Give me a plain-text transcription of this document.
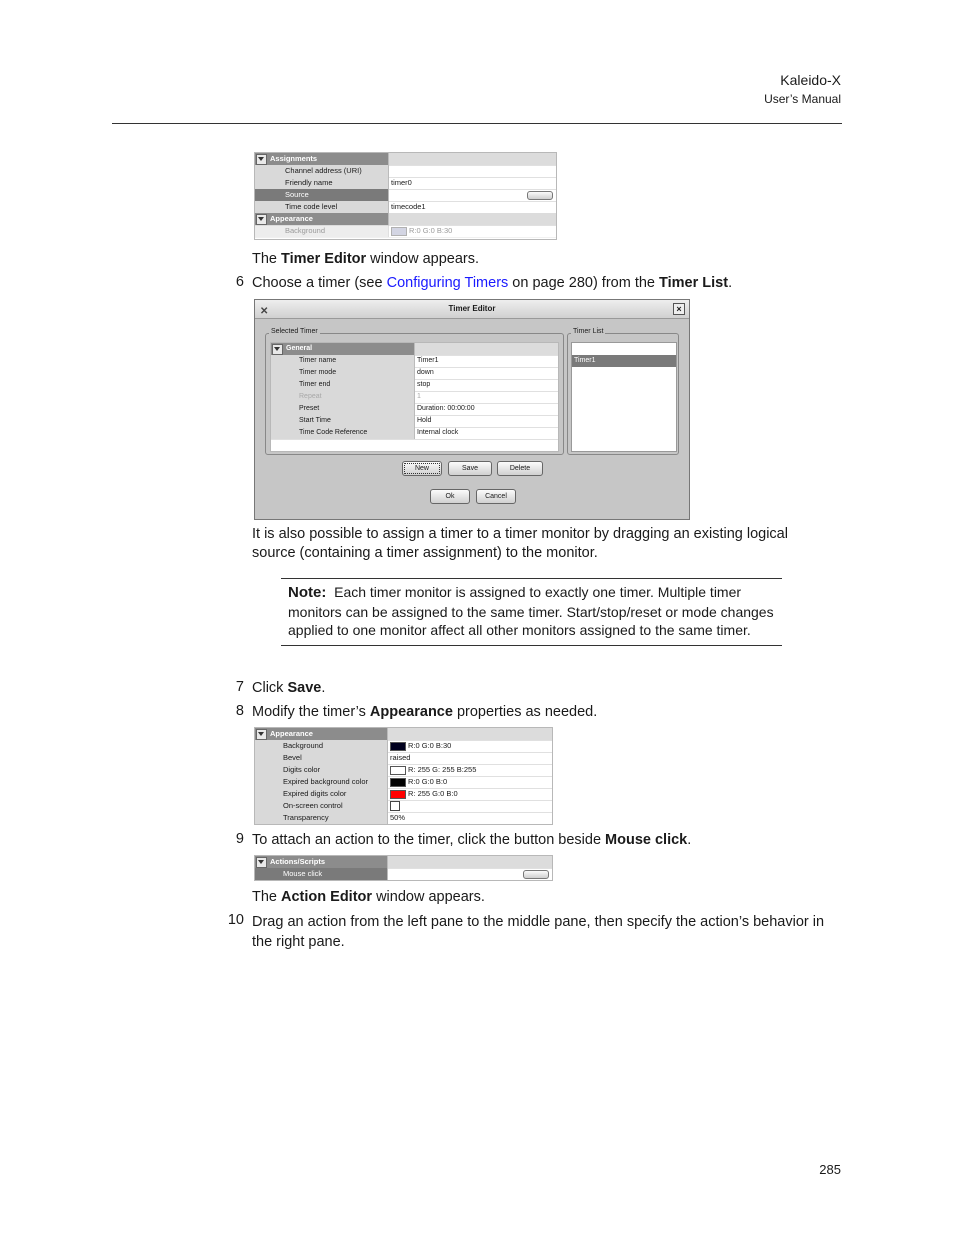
Kaleido-X
User’s Manual
Assignments
Channel address (URI)
Friendly name	timer0
Source
Time code level	timecode1
Appearance
Background	R:0 G:0 B:30
The Timer Editor window appears.
6 Choose a timer (see Configuring Timers on page 280) from the Timer List.
✕	Timer Editor	×
Selected Timer
General
Timer name	Timer1
Timer mode	down
Timer end	stop
Repeat	1
Preset	Duration: 00:00:00
Start Time	Hold
Time Code Reference	Internal clock
Timer List
Timer1
New	Save	Delete
Ok	Cancel
It is also possible to assign a timer to a timer monitor by dragging an existing logical source (containing a timer assignment) to the monitor.
Note: Each timer monitor is assigned to exactly one timer. Multiple timer monitors can be assigned to the same timer. Start/stop/reset or mode changes applied to one monitor affect all other monitors assigned to the same timer.
7 Click Save.
8 Modify the timer’s Appearance properties as needed.
Appearance
Background	R:0 G:0 B:30
Bevel	raised
Digits color	R: 255 G: 255 B:255
Expired background color	R:0 G:0 B:0
Expired digits color	R: 255 G:0 B:0
On-screen control
Transparency	50%
9 To attach an action to the timer, click the button beside Mouse click.
Actions/Scripts
Mouse click
The Action Editor window appears.
10 Drag an action from the left pane to the middle pane, then specify the action’s behavior in the right pane.
285
